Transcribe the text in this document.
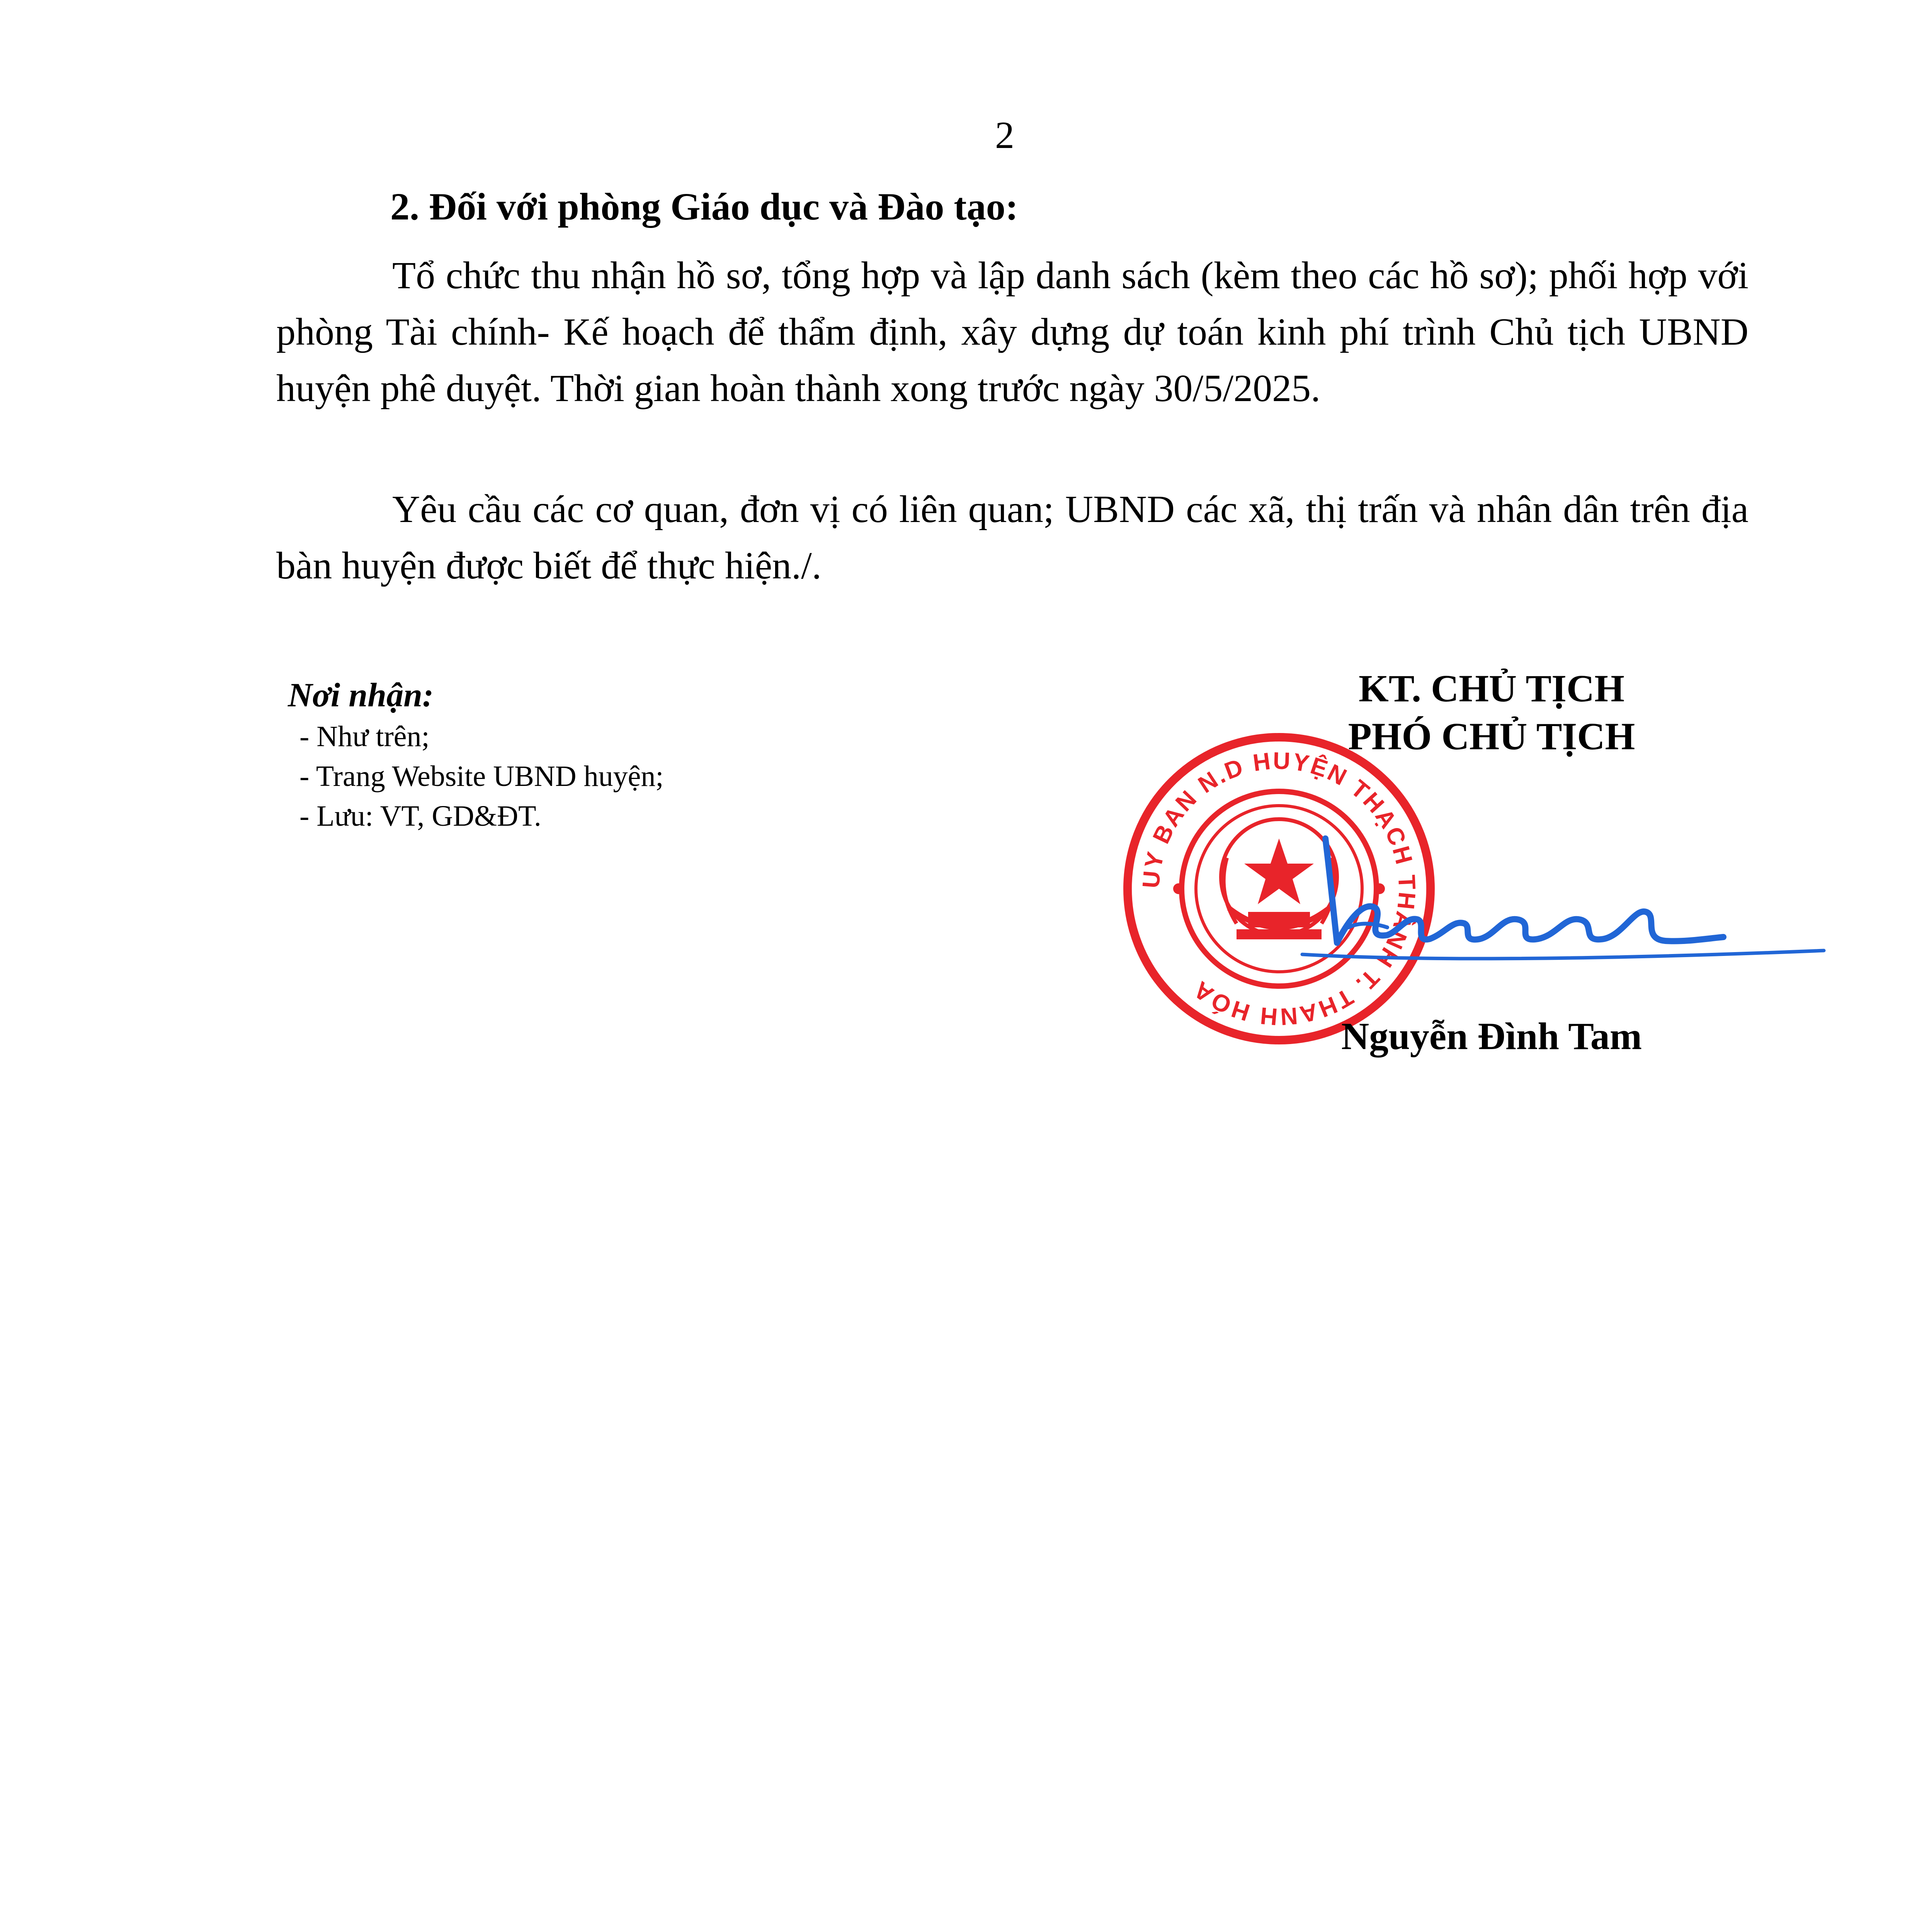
2
2. Đối với phòng Giáo dục và Đào tạo:

Tổ chức thu nhận hồ sơ, tổng hợp và lập danh sách (kèm theo các hồ sơ); phối hợp với phòng Tài chính- Kế hoạch để thẩm định, xây dựng dự toán kinh phí trình Chủ tịch UBND huyện phê duyệt. Thời gian hoàn thành xong trước ngày 30/5/2025.

Yêu cầu các cơ quan, đơn vị có liên quan; UBND các xã, thị trấn và nhân dân trên địa bàn huyện được biết để thực hiện./.

Nơi nhận:

- Như trên;
- Trang Website UBND huyện;
- Lưu: VT, GD&ĐT.
UY BAN N.D HUYỆN THẠCH THÀNH T. THANH HÓA
KT. CHỦ TỊCH
PHÓ CHỦ TỊCH
Nguyễn Đình Tam
